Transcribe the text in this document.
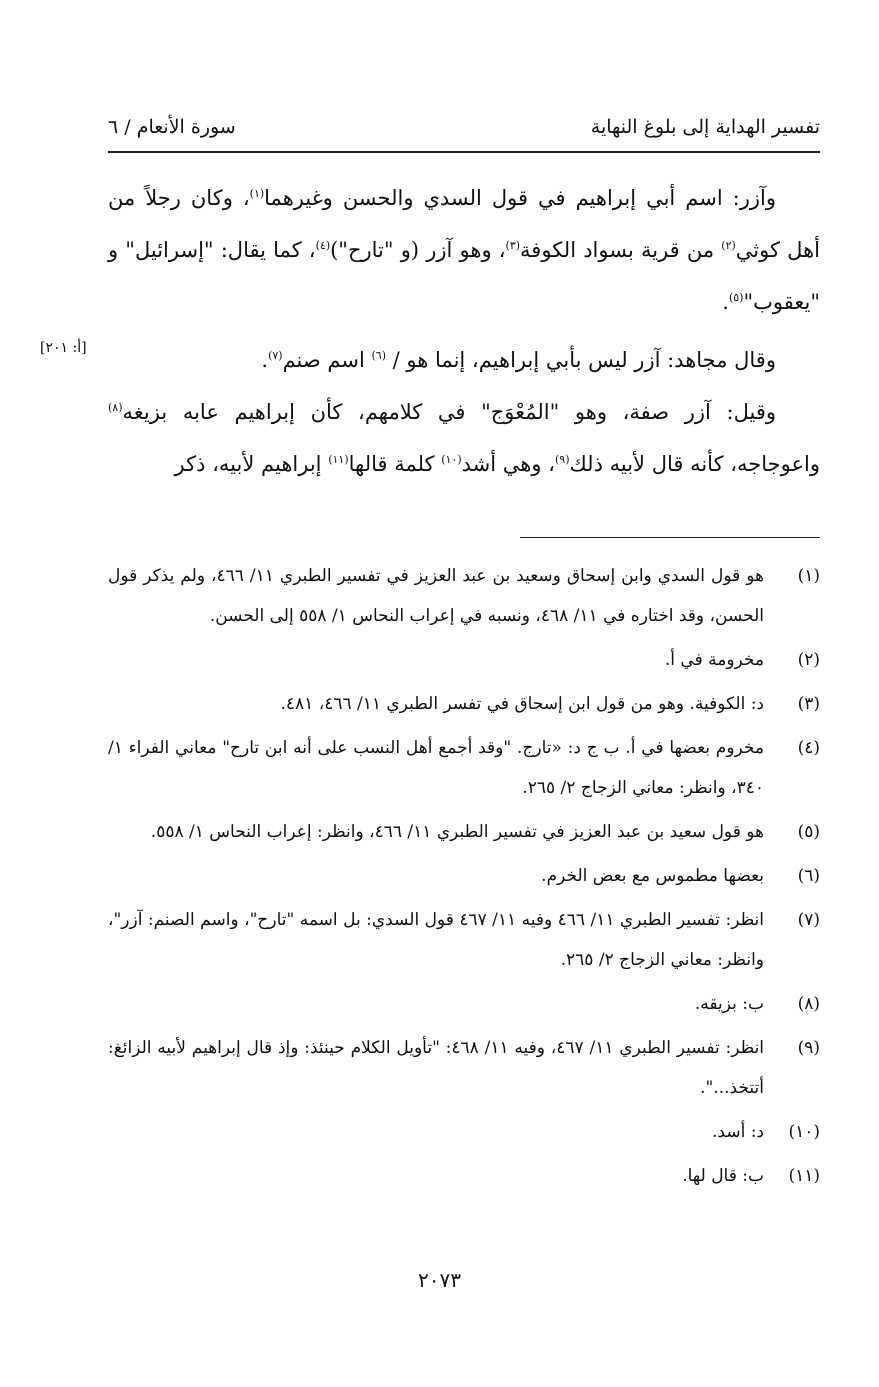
تفسير الهداية إلى بلوغ النهاية
سورة الأنعام / ٦
[أ: ٢٠١]

وآزر: اسم أبي إبراهيم في قول السدي والحسن وغيرهما$^{(١)}$، وكان رجلاً من أهل كوثي$^{(٢)}$ من قرية بسواد الكوفة$^{(٣)}$، وهو آزر (و "تارح")$^{(٤)}$، كما يقال: "إسرائيل" و "يعقوب"$^{(٥)}$.

وقال مجاهد: آزر ليس بأبي إبراهيم، إنما هو / $^{(٦)}$ اسم صنم$^{(٧)}$.

وقيل: آزر صفة، وهو "المُعْوَج" في كلامهم، كأن إبراهيم عابه بزيغه$^{(٨)}$ واعوجاجه، كأنه قال لأبيه ذلك$^{(٩)}$، وهي أشد$^{(١٠)}$ كلمة قالها$^{(١١)}$ إبراهيم لأبيه، ذكر

(١)
هو قول السدي وابن إسحاق وسعيد بن عبد العزيز في تفسير الطبري ١١/ ٤٦٦، ولم يذكر قول الحسن، وقد اختاره في ١١/ ٤٦٨، ونسبه في إعراب النحاس ١/ ٥٥٨ إلى الحسن.
(٢)
مخرومة في أ.
(٣)
د: الكوفية. وهو من قول ابن إسحاق في تفسر الطبري ١١/ ٤٦٦، ٤٨١.
(٤)
مخروم بعضها في أ. ب ج د: «تارج. "وقد أجمع أهل النسب على أنه ابن تارح" معاني الفراء ١/ ٣٤٠، وانظر: معاني الزجاج ٢/ ٢٦٥.
(٥)
هو قول سعيد بن عبد العزيز في تفسير الطبري ١١/ ٤٦٦، وانظر: إعراب النحاس ١/ ٥٥٨.
(٦)
بعضها مطموس مع بعض الخرم.
(٧)
انظر: تفسير الطبري ١١/ ٤٦٦ وفيه ١١/ ٤٦٧ قول السدي: بل اسمه "تارح"، واسم الصنم: آزر"، وانظر: معاني الزجاج ٢/ ٢٦٥.
(٨)
ب: بزيقه.
(٩)
انظر: تفسير الطبري ١١/ ٤٦٧، وفيه ١١/ ٤٦٨: "تأويل الكلام حينئذ: وإذ قال إبراهيم لأبيه الزائغ: أتتخذ...".
(١٠)
د: أسد.
(١١)
ب: قال لها.
٢٠٧٣
